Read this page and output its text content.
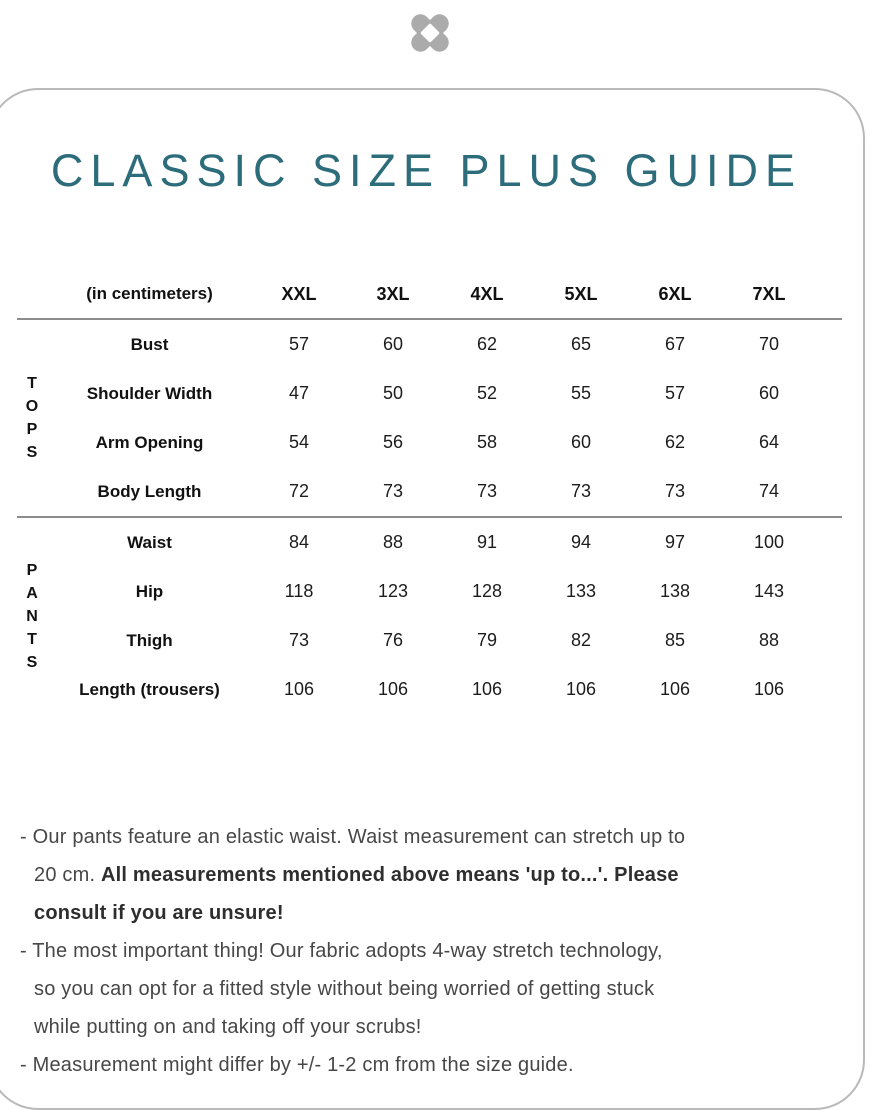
CLASSIC SIZE PLUS GUIDE
(in centimeters)	XXL	3XL	4XL	5XL	6XL	7XL
T
O
P
S
Bust	57	60	62	65	67	70
Shoulder Width	47	50	52	55	57	60
Arm Opening	54	56	58	60	62	64
Body Length	72	73	73	73	73	74
P
A
N
T
S
Waist	84	88	91	94	97	100
Hip	118	123	128	133	138	143
Thigh	73	76	79	82	85	88
Length (trousers)	106	106	106	106	106	106
- Our pants feature an elastic waist. Waist measurement can stretch up to
20 cm. All measurements mentioned above means 'up to...'. Please
consult if you are unsure!
- The most important thing! Our fabric adopts 4-way stretch technology,
so you can opt for a fitted style without being worried of getting stuck
while putting on and taking off your scrubs!
- Measurement might differ by +/- 1-2 cm from the size guide.
